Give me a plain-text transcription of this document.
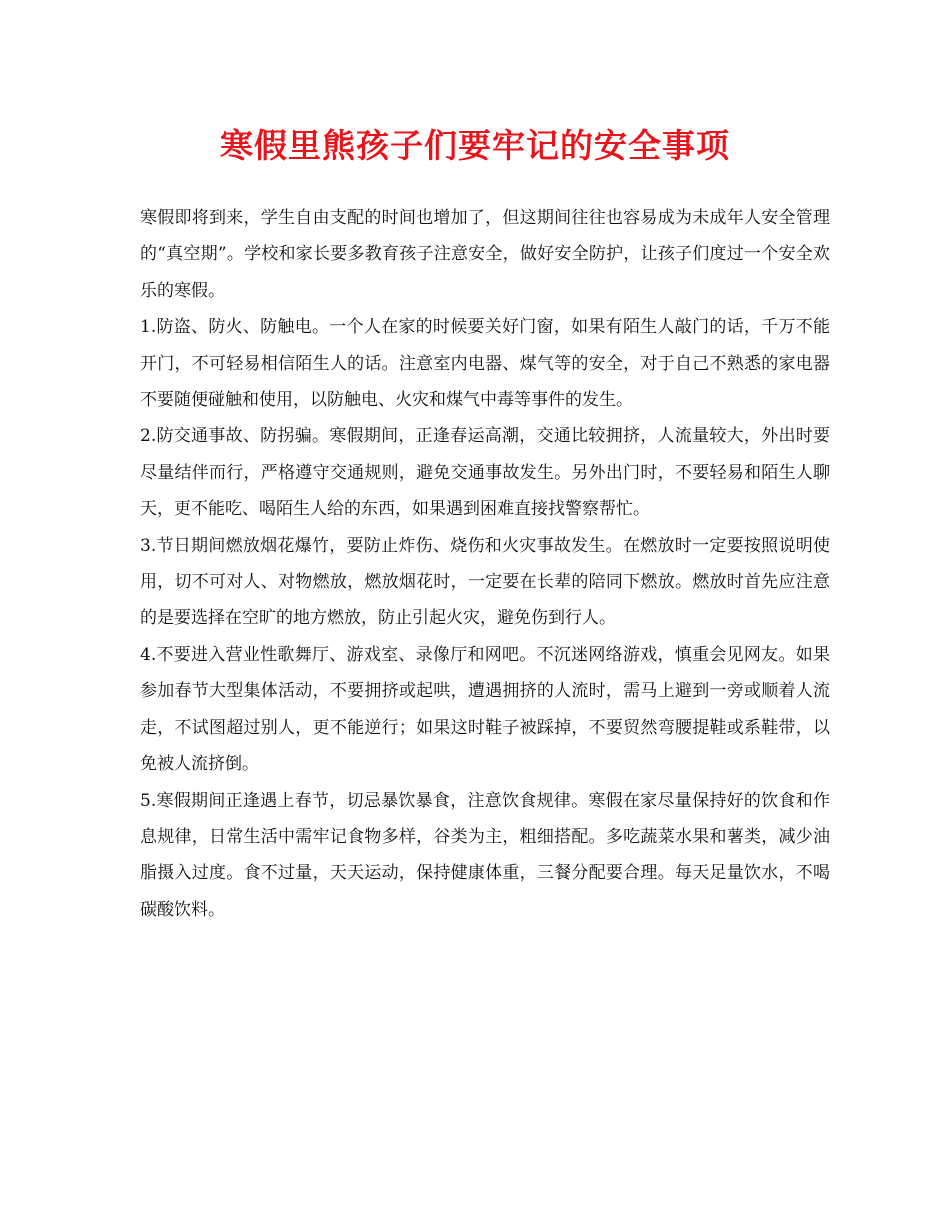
寒假里熊孩子们要牢记的安全事项

寒假即将到来，学生自由支配的时间也增加了，但这期间往往也容易成为未成年人安全管理的“真空期”。学校和家长要多教育孩子注意安全，做好安全防护，让孩子们度过一个安全欢乐的寒假。

1.防盗、防火、防触电。一个人在家的时候要关好门窗，如果有陌生人敲门的话，千万不能开门，不可轻易相信陌生人的话。注意室内电器、煤气等的安全，对于自己不熟悉的家电器不要随便碰触和使用，以防触电、火灾和煤气中毒等事件的发生。

2.防交通事故、防拐骗。寒假期间，正逢春运高潮，交通比较拥挤，人流量较大，外出时要尽量结伴而行，严格遵守交通规则，避免交通事故发生。另外出门时，不要轻易和陌生人聊天，更不能吃、喝陌生人给的东西，如果遇到困难直接找警察帮忙。

3.节日期间燃放烟花爆竹，要防止炸伤、烧伤和火灾事故发生。在燃放时一定要按照说明使用，切不可对人、对物燃放，燃放烟花时，一定要在长辈的陪同下燃放。燃放时首先应注意的是要选择在空旷的地方燃放，防止引起火灾，避免伤到行人。

4.不要进入营业性歌舞厅、游戏室、录像厅和网吧。不沉迷网络游戏，慎重会见网友。如果参加春节大型集体活动，不要拥挤或起哄，遭遇拥挤的人流时，需马上避到一旁或顺着人流走，不试图超过别人，更不能逆行；如果这时鞋子被踩掉，不要贸然弯腰提鞋或系鞋带，以免被人流挤倒。

5.寒假期间正逢遇上春节，切忌暴饮暴食，注意饮食规律。寒假在家尽量保持好的饮食和作息规律，日常生活中需牢记食物多样，谷类为主，粗细搭配。多吃蔬菜水果和薯类，减少油脂摄入过度。食不过量，天天运动，保持健康体重，三餐分配要合理。每天足量饮水，不喝碳酸饮料。
